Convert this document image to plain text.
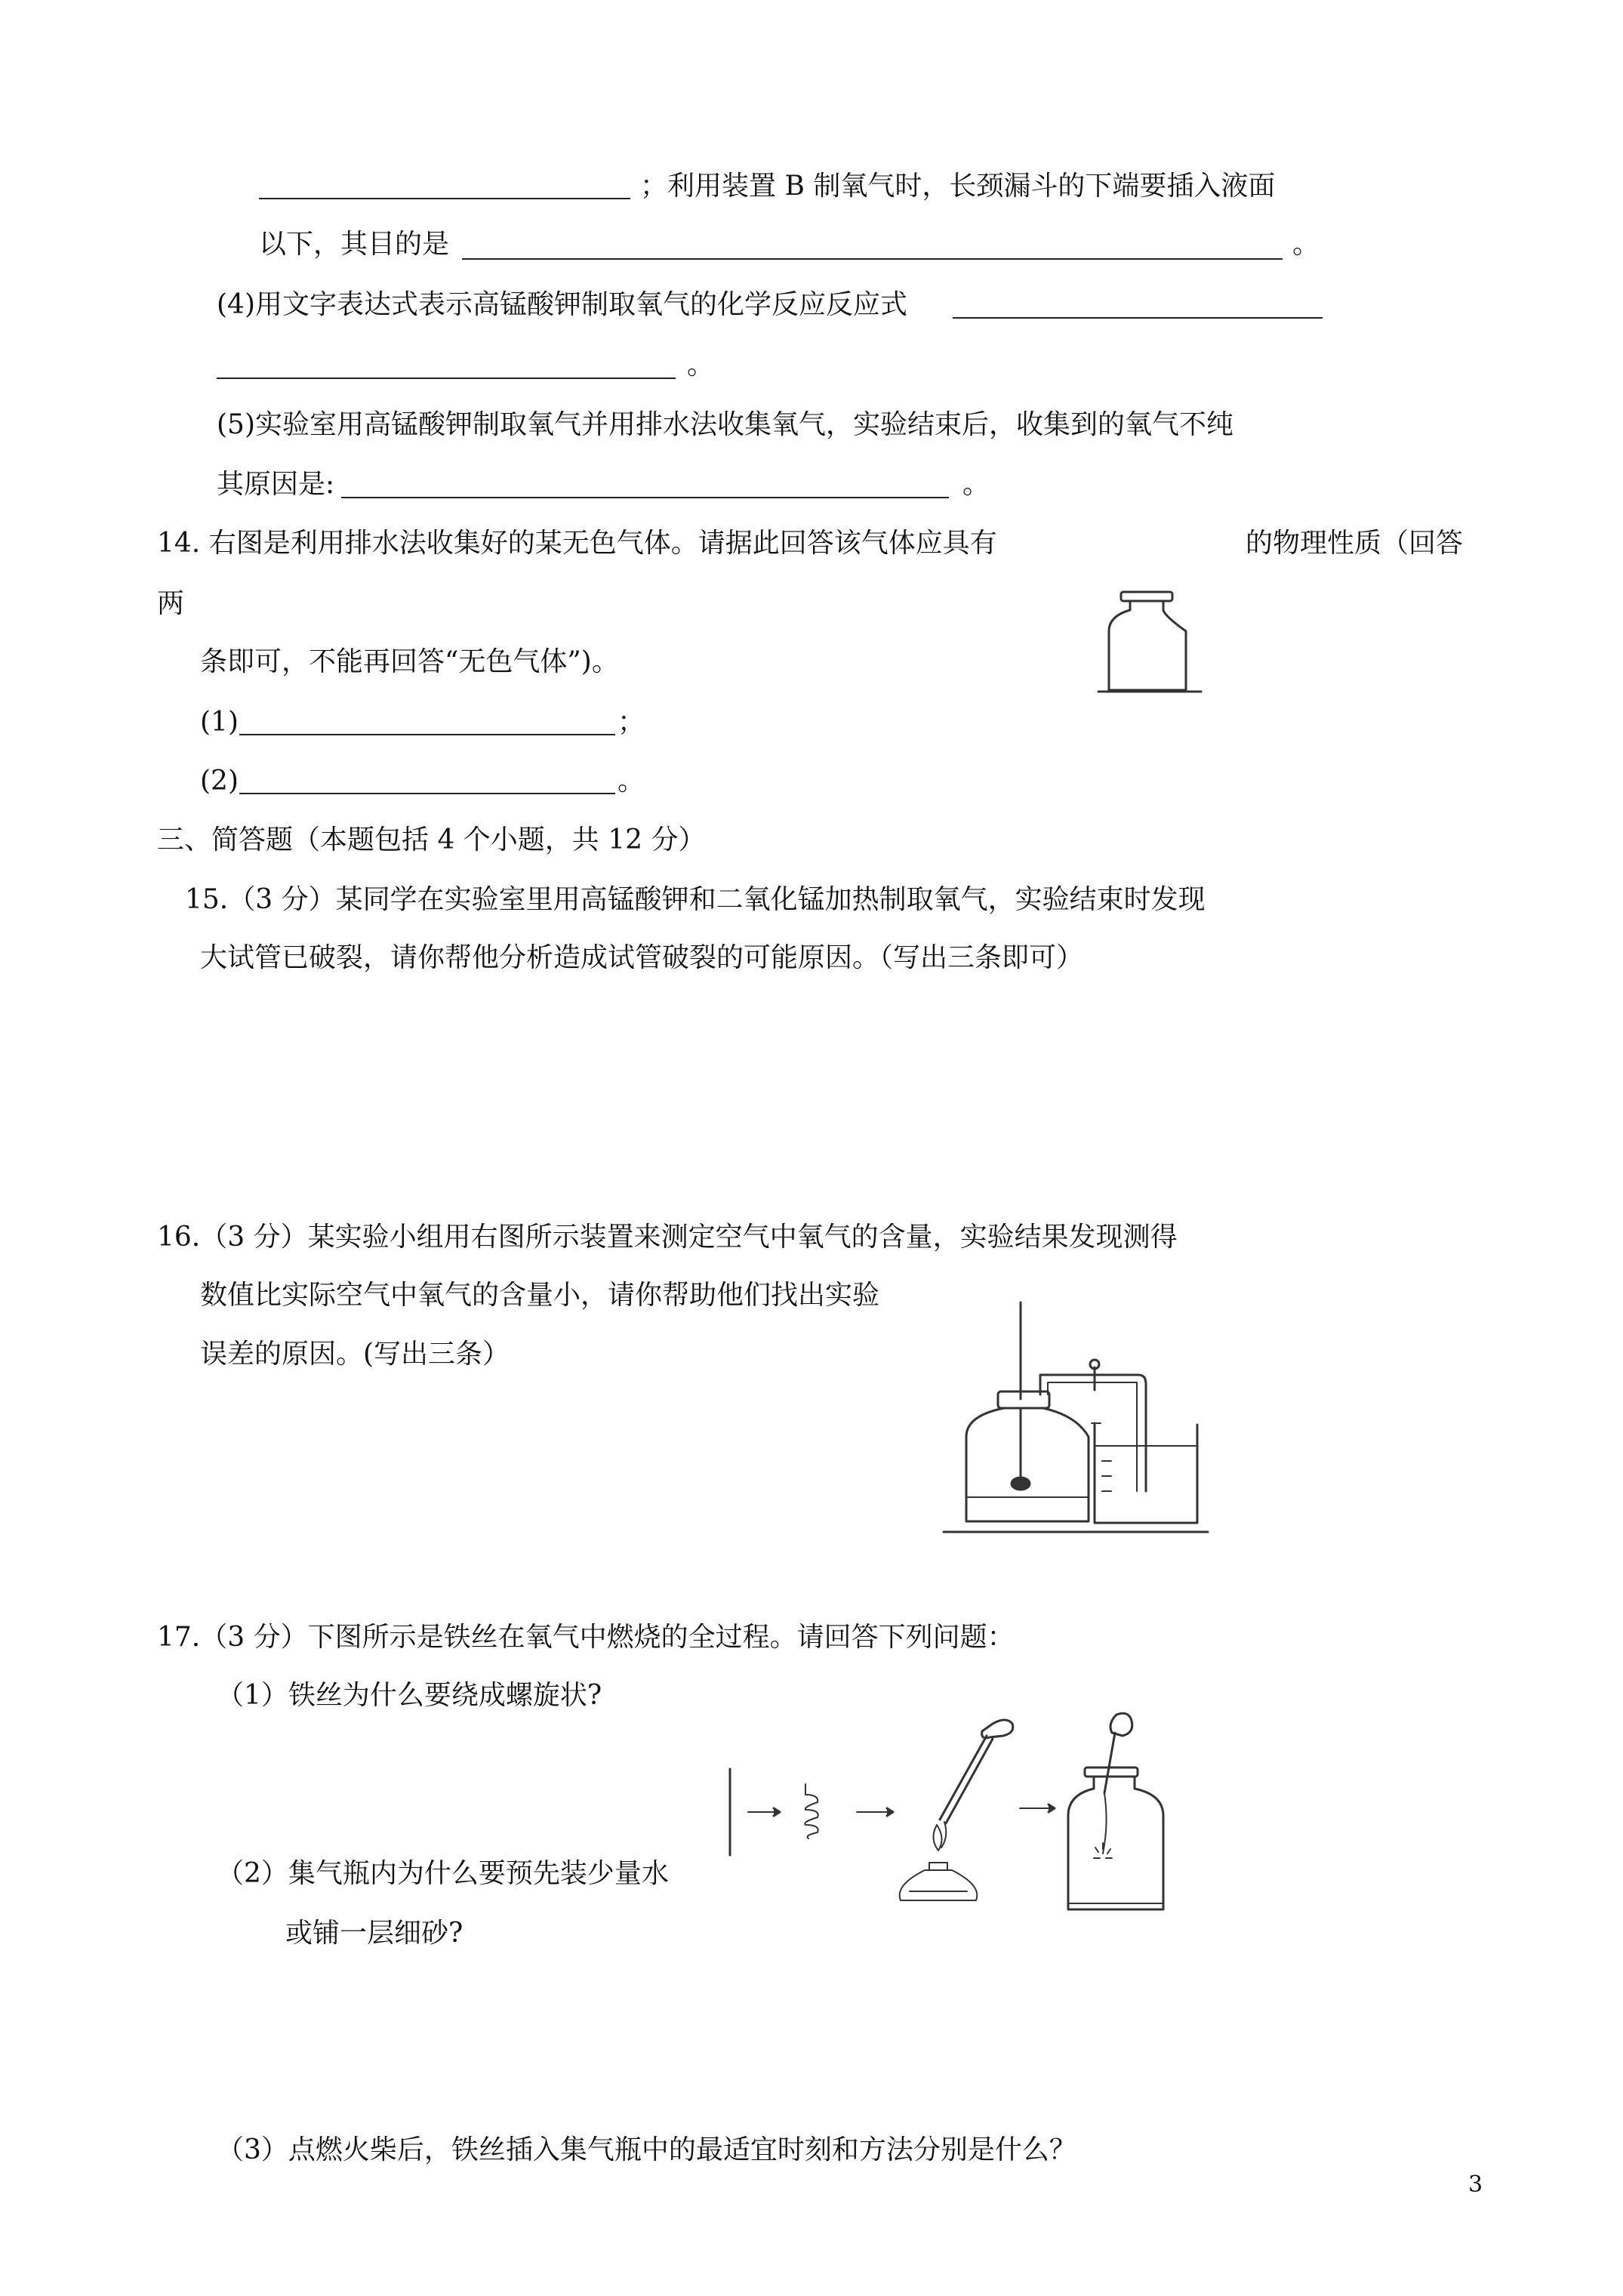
；利用装置 B 制氧气时，长颈漏斗的下端要插入液面
以下，其目的是	。
(4)用文字表达式表示高锰酸钾制取氧气的化学反应反应式
。
(5)实验室用高锰酸钾制取氧气并用排水法收集氧气，实验结束后，收集到的氧气不纯
其原因是:	。
14. 右图是利用排水法收集好的某无色气体。请据此回答该气体应具有	的物理性质（回答
两
条即可，不能再回答“无色气体”)。
(1)	；
(2)	。
三、简答题（本题包括 4 个小题，共 12 分）
15.（3 分）某同学在实验室里用高锰酸钾和二氧化锰加热制取氧气，实验结束时发现
大试管已破裂，请你帮他分析造成试管破裂的可能原因。（写出三条即可）
16.（3 分）某实验小组用右图所示装置来测定空气中氧气的含量，实验结果发现测得
数值比实际空气中氧气的含量小，请你帮助他们找出实验
误差的原因。(写出三条）
17.（3 分）下图所示是铁丝在氧气中燃烧的全过程。请回答下列问题：
（1）铁丝为什么要绕成螺旋状?
（2）集气瓶内为什么要预先装少量水
或铺一层细砂?
（3）点燃火柴后，铁丝插入集气瓶中的最适宜时刻和方法分别是什么？
3
